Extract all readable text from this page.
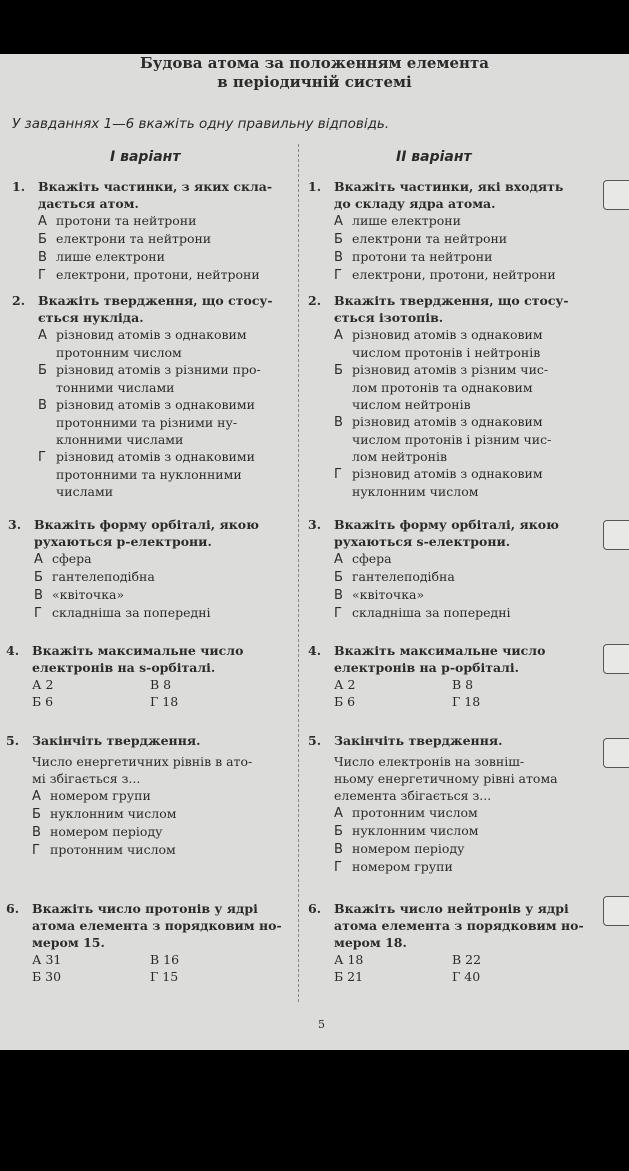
Будова атома за положенням елемента
в періодичній системі
У завданнях 1—6 вкажіть одну правильну відповідь.
І варіант	ІІ варіант
1. Вкажіть частинки, з яких скла-
дається атом.
А протони та нейтрони
Б електрони та нейтрони
В лише електрони
Г електрони, протони, нейтрони
2. Вкажіть твердження, що стосу-
ється нукліда.
А різновид атомів з однаковим
протонним числом
Б різновид атомів з різними про-
тонними числами
В різновид атомів з однаковими
протонними та різними ну-
клонними числами
Г різновид атомів з однаковими
протонними та нуклонними
числами
3. Вкажіть форму орбіталі, якою
рухаються p-електрони.
А сфера
Б гантелеподібна
В «квіточка»
Г складніша за попередні
4. Вкажіть максимальне число
електронів на s-орбіталі.
А 2	В 8
Б 6	Г 18
5. Закінчіть твердження.
Число енергетичних рівнів в ато-
мі збігається з...
А номером групи
Б нуклонним числом
В номером періоду
Г протонним числом
6. Вкажіть число протонів у ядрі
атома елемента з порядковим но-
мером 15.
А 31	В 16
Б 30	Г 15
1. Вкажіть частинки, які входять
до складу ядра атома.
А лише електрони
Б електрони та нейтрони
В протони та нейтрони
Г електрони, протони, нейтрони
2. Вкажіть твердження, що стосу-
ється ізотопів.
А різновид атомів з однаковим
числом протонів і нейтронів
Б різновид атомів з різним чис-
лом протонів та однаковим
числом нейтронів
В різновид атомів з однаковим
числом протонів і різним чис-
лом нейтронів
Г різновид атомів з однаковим
нуклонним числом
3. Вкажіть форму орбіталі, якою
рухаються s-електрони.
А сфера
Б гантелеподібна
В «квіточка»
Г складніша за попередні
4. Вкажіть максимальне число
електронів на p-орбіталі.
А 2	В 8
Б 6	Г 18
5. Закінчіть твердження.
Число електронів на зовніш-
ньому енергетичному рівні атома
елемента збігається з...
А протонним числом
Б нуклонним числом
В номером періоду
Г номером групи
6. Вкажіть число нейтронів у ядрі
атома елемента з порядковим но-
мером 18.
А 18	В 22
Б 21	Г 40
5
